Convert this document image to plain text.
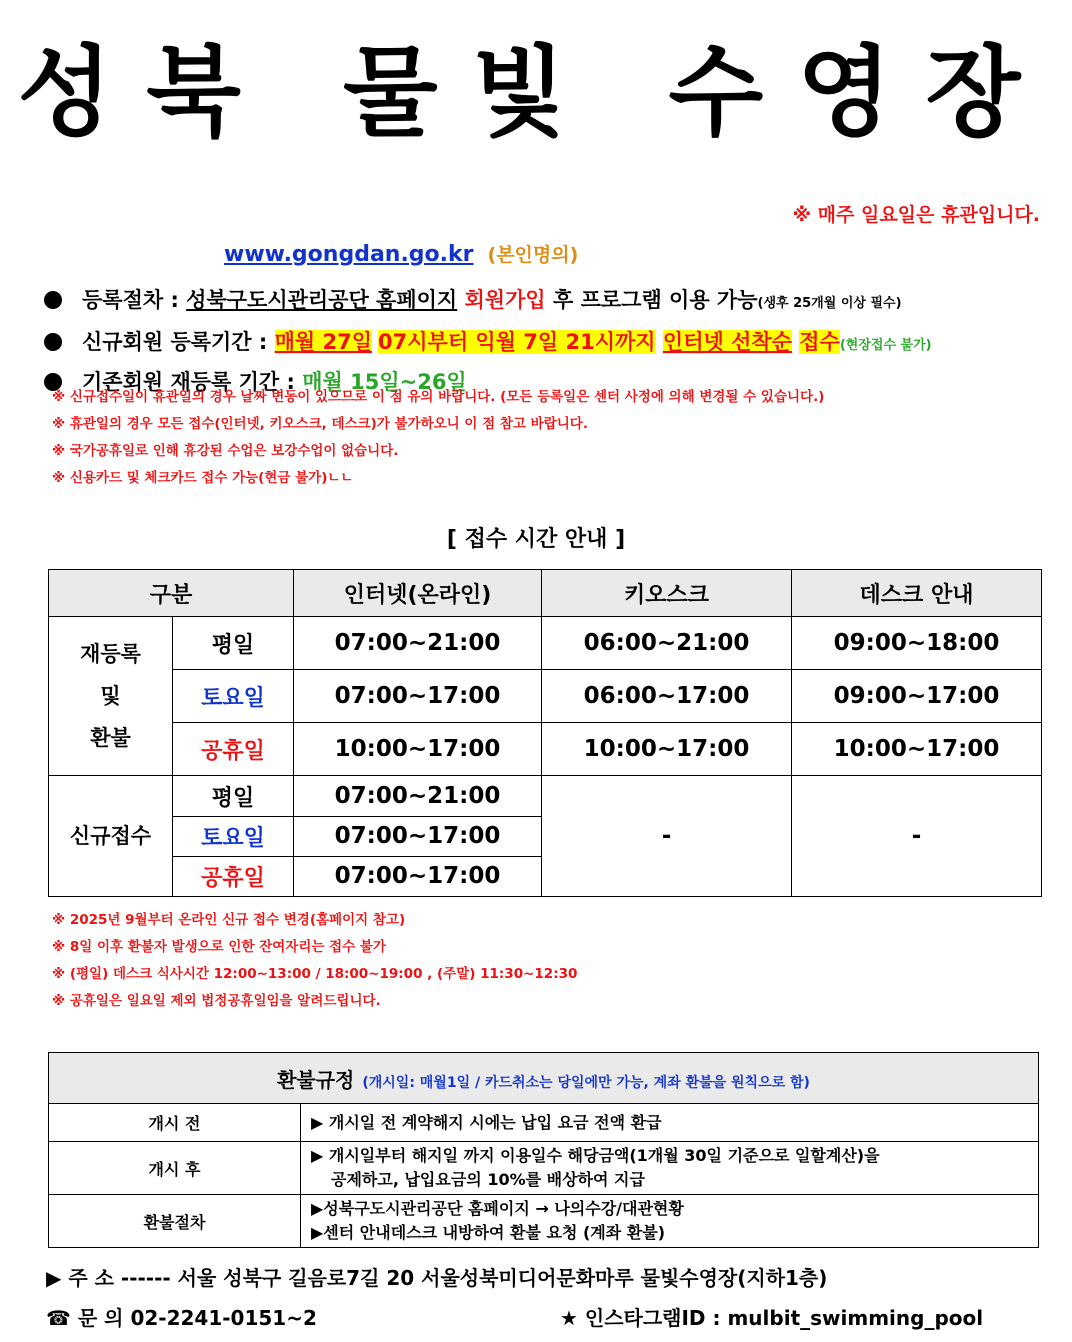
성북 물빛 수영장
※ 매주 일요일은 휴관입니다.
www.gongdan.go.kr (본인명의)
등록절차 : 성북구도시관리공단 홈페이지 회원가입 후 프로그램 이용 가능(생후 25개월 이상 필수)
신규회원 등록기간 : 매월 27일 07시부터 익월 7일 21시까지 인터넷 선착순 접수(현장접수 불가)
기존회원 재등록 기간 : 매월 15일~26일
※ 신규접수일이 휴관일의 경우 날짜 변동이 있으므로 이 점 유의 바랍니다. (모든 등록일은 센터 사정에 의해 변경될 수 있습니다.)
※ 휴관일의 경우 모든 접수(인터넷, 키오스크, 데스크)가 불가하오니 이 점 참고 바랍니다.
※ 국가공휴일로 인해 휴강된 수업은 보강수업이 없습니다.
※ 신용카드 및 체크카드 접수 가능(현금 불가)ㄴㄴ
[ 접수 시간 안내 ]
구분		인터넷(온라인)	키오스크	데스크 안내

재등록
및
환불	평일	07:00~21:00	06:00~21:00	09:00~18:00
	토요일	07:00~17:00	06:00~17:00	09:00~17:00
	공휴일	10:00~17:00	10:00~17:00	10:00~17:00
신규접수	평일	07:00~21:00	-	-
	토요일	07:00~17:00		
	공휴일	07:00~17:00		
※ 2025년 9월부터 온라인 신규 접수 변경(홈페이지 참고)
※ 8일 이후 환불자 발생으로 인한 잔여자리는 접수 불가
※ (평일) 데스크 식사시간 12:00~13:00 / 18:00~19:00 , (주말) 11:30~12:30
※ 공휴일은 일요일 제외 법정공휴일임을 알려드립니다.
환불규정 (개시일: 매월1일 / 카드취소는 당일에만 가능, 계좌 환불을 원칙으로 함)	
개시 전	▶ 개시일 전 계약해지 시에는 납입 요금 전액 환급

개시 후	▶ 개시일부터 해지일 까지 이용일수 해당금액(1개월 30일 기준으로 일할계산)을
공제하고, 납입요금의 10%를 배상하여 지급

환불절차	▶성북구도시관리공단 홈페이지 → 나의수강/대관현황
▶센터 안내데스크 내방하여 환불 요청 (계좌 환불)
▶ 주 소 ------ 서울 성북구 길음로7길 20 서울성북미디어문화마루 물빛수영장(지하1층)
☎ 문 의 02-2241-0151~2	★ 인스타그램ID : mulbit_swimming_pool
